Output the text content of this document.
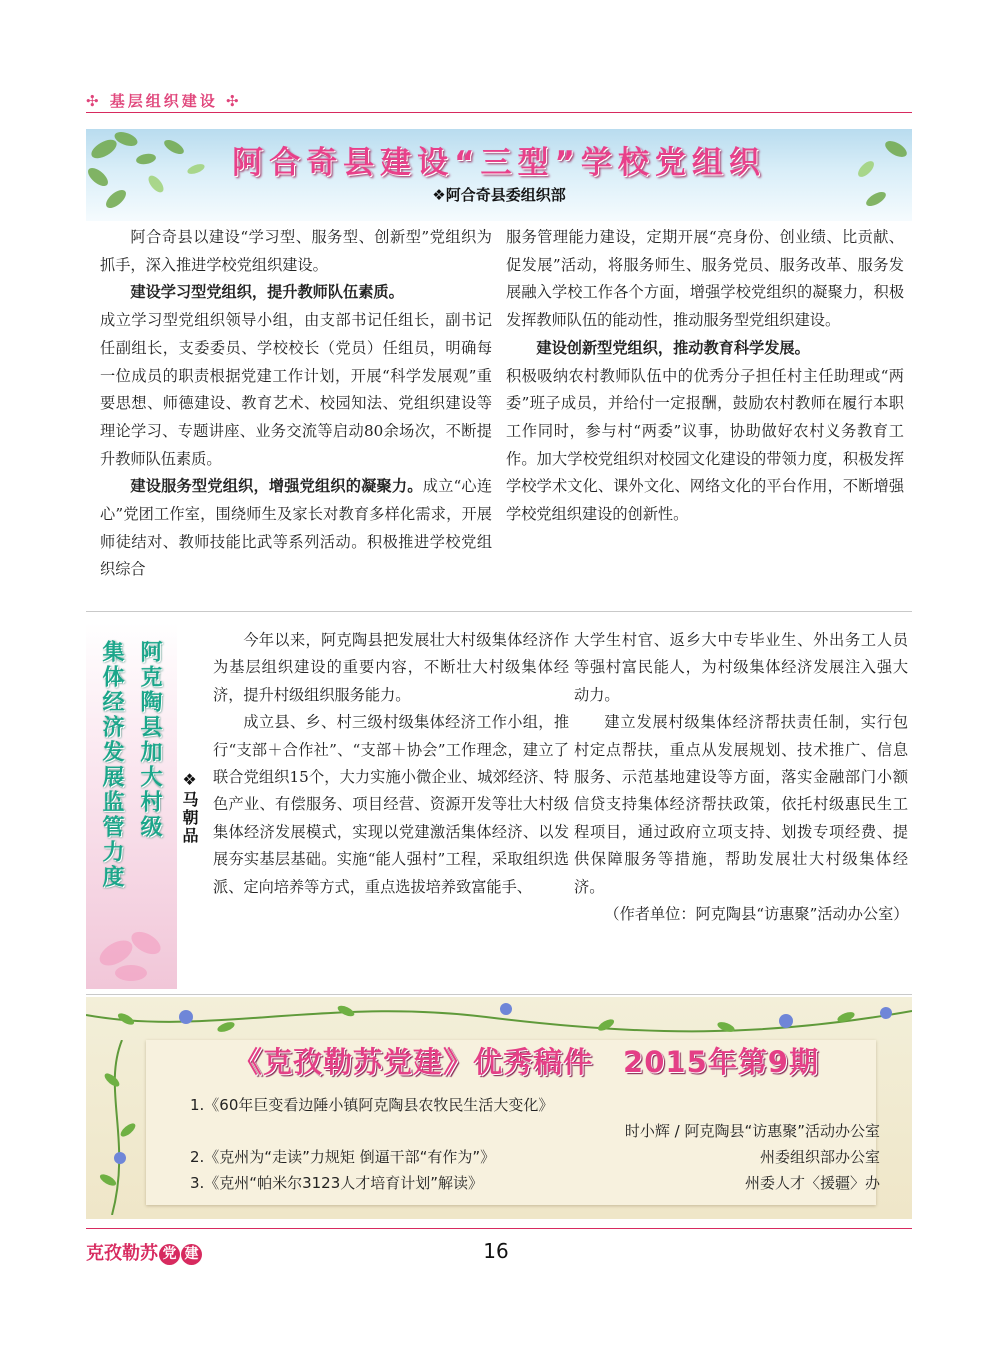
✣ 基层组织建设 ✣
阿合奇县建设“三型”学校党组织
❖阿合奇县委组织部

阿合奇县以建设“学习型、服务型、创新型”党组织为抓手，深入推进学校党组织建设。

建设学习型党组织，提升教师队伍素质。

成立学习型党组织领导小组，由支部书记任组长，副书记任副组长，支委委员、学校校长（党员）任组员，明确每一位成员的职责根据党建工作计划，开展“科学发展观”重要思想、师德建设、教育艺术、校园知法、党组织建设等理论学习、专题讲座、业务交流等启动80余场次，不断提升教师队伍素质。

建设服务型党组织，增强党组织的凝聚力。成立“心连心”党团工作室，围绕师生及家长对教育多样化需求，开展师徒结对、教师技能比武等系列活动。积极推进学校党组织综合

服务管理能力建设，定期开展“亮身份、创业绩、比贡献、促发展”活动，将服务师生、服务党员、服务改革、服务发展融入学校工作各个方面，增强学校党组织的凝聚力，积极发挥教师队伍的能动性，推动服务型党组织建设。

建设创新型党组织，推动教育科学发展。

积极吸纳农村教师队伍中的优秀分子担任村主任助理或“两委”班子成员，并给付一定报酬，鼓励农村教师在履行本职工作同时，参与村“两委”议事，协助做好农村义务教育工作。加大学校党组织对校园文化建设的带领力度，积极发挥学校学术文化、课外文化、网络文化的平台作用，不断增强学校党组织建设的创新性。

阿克陶县加大村级
集体经济发展监管力度	❖马朝品

今年以来，阿克陶县把发展壮大村级集体经济作为基层组织建设的重要内容，不断壮大村级集体经济，提升村级组织服务能力。

成立县、乡、村三级村级集体经济工作小组，推行“支部＋合作社”、“支部＋协会”工作理念，建立了联合党组织15个，大力实施小微企业、城郊经济、特色产业、有偿服务、项目经营、资源开发等壮大村级集体经济发展模式，实现以党建激活集体经济、以发展夯实基层基础。实施“能人强村”工程，采取组织选派、定向培养等方式，重点选拔培养致富能手、

大学生村官、返乡大中专毕业生、外出务工人员等强村富民能人，为村级集体经济发展注入强大动力。

建立发展村级集体经济帮扶责任制，实行包村定点帮扶，重点从发展规划、技术推广、信息服务、示范基地建设等方面，落实金融部门小额信贷支持集体经济帮扶政策，依托村级惠民生工程项目，通过政府立项支持、划拨专项经费、提供保障服务等措施，帮助发展壮大村级集体经济。

（作者单位：阿克陶县“访惠聚”活动办公室）

《克孜勒苏党建》优秀稿件　2015年第9期
1.《60年巨变看边陲小镇阿克陶县农牧民生活大变化》
时小辉 / 阿克陶县“访惠聚”活动办公室
2.《克州为“走读”力规矩 倒逼干部“有作为”》	州委组织部办公室
3.《克州“帕米尔3123人才培育计划”解读》	州委人才〈援疆〉办
克孜勒苏 党 建	16
